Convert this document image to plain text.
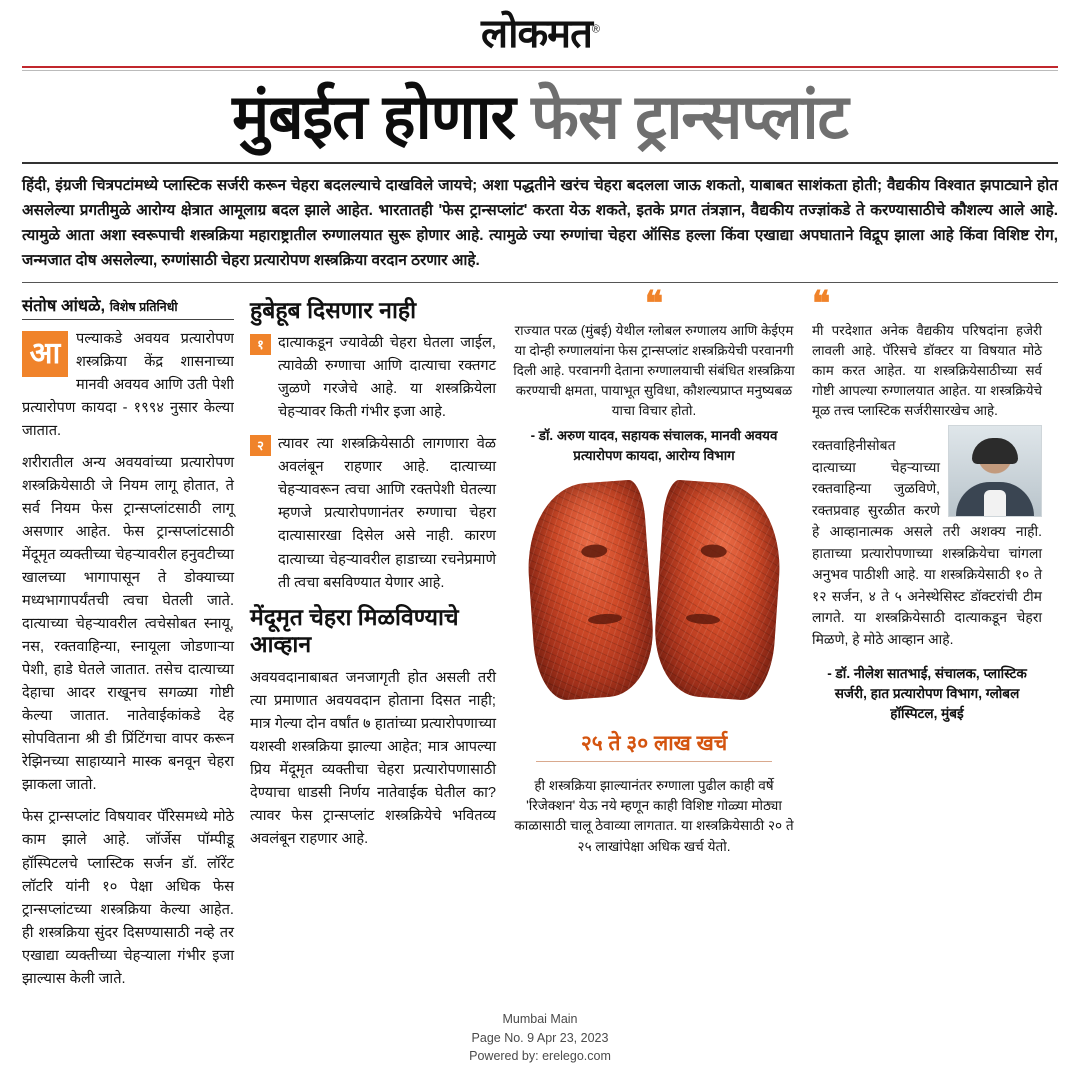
लोकमत®
मुंबईत होणार फेस ट्रान्सप्लांट

हिंदी, इंग्रजी चित्रपटांमध्ये प्लास्टिक सर्जरी करून चेहरा बदलल्याचे दाखविले जायचे; अशा पद्धतीने खरंच चेहरा बदलला जाऊ शकतो, याबाबत साशंकता होती; वैद्यकीय विश्वात झपाट्याने होत असलेल्या प्रगतीमुळे आरोग्य क्षेत्रात आमूलाग्र बदल झाले आहेत. भारतातही 'फेस ट्रान्सप्लांट' करता येऊ शकते, इतके प्रगत तंत्रज्ञान, वैद्यकीय तज्ज्ञांकडे ते करण्यासाठीचे कौशल्य आले आहे. त्यामुळे आता अशा स्वरूपाची शस्त्रक्रिया महाराष्ट्रातील रुग्णालयात सुरू होणार आहे. त्यामुळे ज्या रुग्णांचा चेहरा ऑसिड हल्ला किंवा एखाद्या अपघाताने विद्रूप झाला आहे किंवा विशिष्ट रोग, जन्मजात दोष असलेल्या, रुग्णांसाठी चेहरा प्रत्यारोपण शस्त्रक्रिया वरदान ठरणार आहे.

संतोष आंधळे, विशेष प्रतिनिधी
आ	पल्याकडे अवयव प्रत्यारोपण शस्त्रक्रिया केंद्र शासनाच्या मानवी अवयव आणि उती पेशी प्रत्यारोपण कायदा - १९९४ नुसार केल्या जातात.

शरीरातील अन्य अवयवांच्या प्रत्यारोपण शस्त्रक्रियेसाठी जे नियम लागू होतात, ते सर्व नियम फेस ट्रान्सप्लांटसाठी लागू असणार आहेत. फेस ट्रान्सप्लांटसाठी मेंदूमृत व्यक्तीच्या चेहऱ्यावरील हनुवटीच्या खालच्या भागापासून ते डोक्याच्या मध्यभागापर्यंतची त्वचा घेतली जाते. दात्याच्या चेहऱ्यावरील त्वचेसोबत स्नायू, नस, रक्तवाहिन्या, स्नायूला जोडणाऱ्या पेशी, हाडे घेतले जातात. तसेच दात्याच्या देहाचा आदर राखूनच सगळ्या गोष्टी केल्या जातात. नातेवाईकांकडे देह सोपविताना श्री डी प्रिंटिंगचा वापर करून रेझिनच्या साहाय्याने मास्क बनवून चेहरा झाकला जातो.

फेस ट्रान्सप्लांट विषयावर पॅरिसमध्ये मोठे काम झाले आहे. जॉर्जेस पॉम्पीडू हॉस्पिटलचे प्लास्टिक सर्जन डॉ. लॉरेंट लॉटरि यांनी १० पेक्षा अधिक फेस ट्रान्सप्लांटच्या शस्त्रक्रिया केल्या आहेत. ही शस्त्रक्रिया सुंदर दिसण्यासाठी नव्हे तर एखाद्या व्यक्तीच्या चेहऱ्याला गंभीर इजा झाल्यास केली जाते.

हुबेहूब दिसणार नाही
१ दात्याकडून ज्यावेळी चेहरा घेतला जाईल, त्यावेळी रुग्णाचा आणि दात्याचा रक्तगट जुळणे गरजेचे आहे. या शस्त्रक्रियेला चेहऱ्यावर किती गंभीर इजा आहे.

२ त्यावर त्या शस्त्रक्रियेसाठी लागणारा वेळ अवलंबून राहणार आहे. दात्याच्या चेहऱ्यावरून त्वचा आणि रक्तपेशी घेतल्या म्हणजे प्रत्यारोपणानंतर रुग्णाचा चेहरा दात्यासारखा दिसेल असे नाही. कारण दात्याच्या चेहऱ्यावरील हाडाच्या रचनेप्रमाणे ती त्वचा बसविण्यात येणार आहे.

मेंदूमृत चेहरा मिळविण्याचे आव्हान

अवयवदानाबाबत जनजागृती होत असली तरी त्या प्रमाणात अवयवदान होताना दिसत नाही; मात्र गेल्या दोन वर्षांत ७ हातांच्या प्रत्यारोपणाच्या यशस्वी शस्त्रक्रिया झाल्या आहेत; मात्र आपल्या प्रिय मेंदूमृत व्यक्तीचा चेहरा प्रत्यारोपणासाठी देण्याचा धाडसी निर्णय नातेवाईक घेतील का? त्यावर फेस ट्रान्सप्लांट शस्त्रक्रियेचे भवितव्य अवलंबून राहणार आहे.

❝
राज्यात परळ (मुंबई) येथील ग्लोबल रुग्णालय आणि केईएम या दोन्ही रुग्णालयांना फेस ट्रान्सप्लांट शस्त्रक्रियेची परवानगी दिली आहे. परवानगी देताना रुग्णालयाची संबंधित शस्त्रक्रिया करण्याची क्षमता, पायाभूत सुविधा, कौशल्यप्राप्त मनुष्यबळ याचा विचार होतो.
- डॉ. अरुण यादव, सहायक संचालक, मानवी अवयव प्रत्यारोपण कायदा, आरोग्य विभाग
२५ ते ३० लाख खर्च

ही शस्त्रक्रिया झाल्यानंतर रुग्णाला पुढील काही वर्षे 'रिजेक्शन' येऊ नये म्हणून काही विशिष्ट गोळ्या मोठ्या काळासाठी चालू ठेवाव्या लागतात. या शस्त्रक्रियेसाठी २० ते २५ लाखांपेक्षा अधिक खर्च येतो.

❝
मी परदेशात अनेक वैद्यकीय परिषदांना हजेरी लावली आहे. पॅरिसचे डॉक्टर या विषयात मोठे काम करत आहेत. या शस्त्रक्रियेसाठीच्या सर्व गोष्टी आपल्या रुग्णालयात आहेत. या शस्त्रक्रियेचे मूळ तत्त्व प्लास्टिक सर्जरीसारखेच आहे.

रक्तवाहिनीसोबत दात्याच्या चेहऱ्याच्या रक्तवाहिन्या जुळविणे, रक्तप्रवाह सुरळीत करणे हे आव्हानात्मक असले तरी अशक्य नाही. हाताच्या प्रत्यारोपणाच्या शस्त्रक्रियेचा चांगला अनुभव पाठीशी आहे. या शस्त्रक्रियेसाठी १० ते १२ सर्जन, ४ ते ५ अनेस्थेसिस्ट डॉक्टरांची टीम लागते. या शस्त्रक्रियेसाठी दात्याकडून चेहरा मिळणे, हे मोठे आव्हान आहे.

- डॉ. नीलेश सातभाई, संचालक, प्लास्टिक सर्जरी, हात प्रत्यारोपण विभाग, ग्लोबल हॉस्पिटल, मुंबई
Mumbai Main
Page No. 9 Apr 23, 2023
Powered by: erelego.com
